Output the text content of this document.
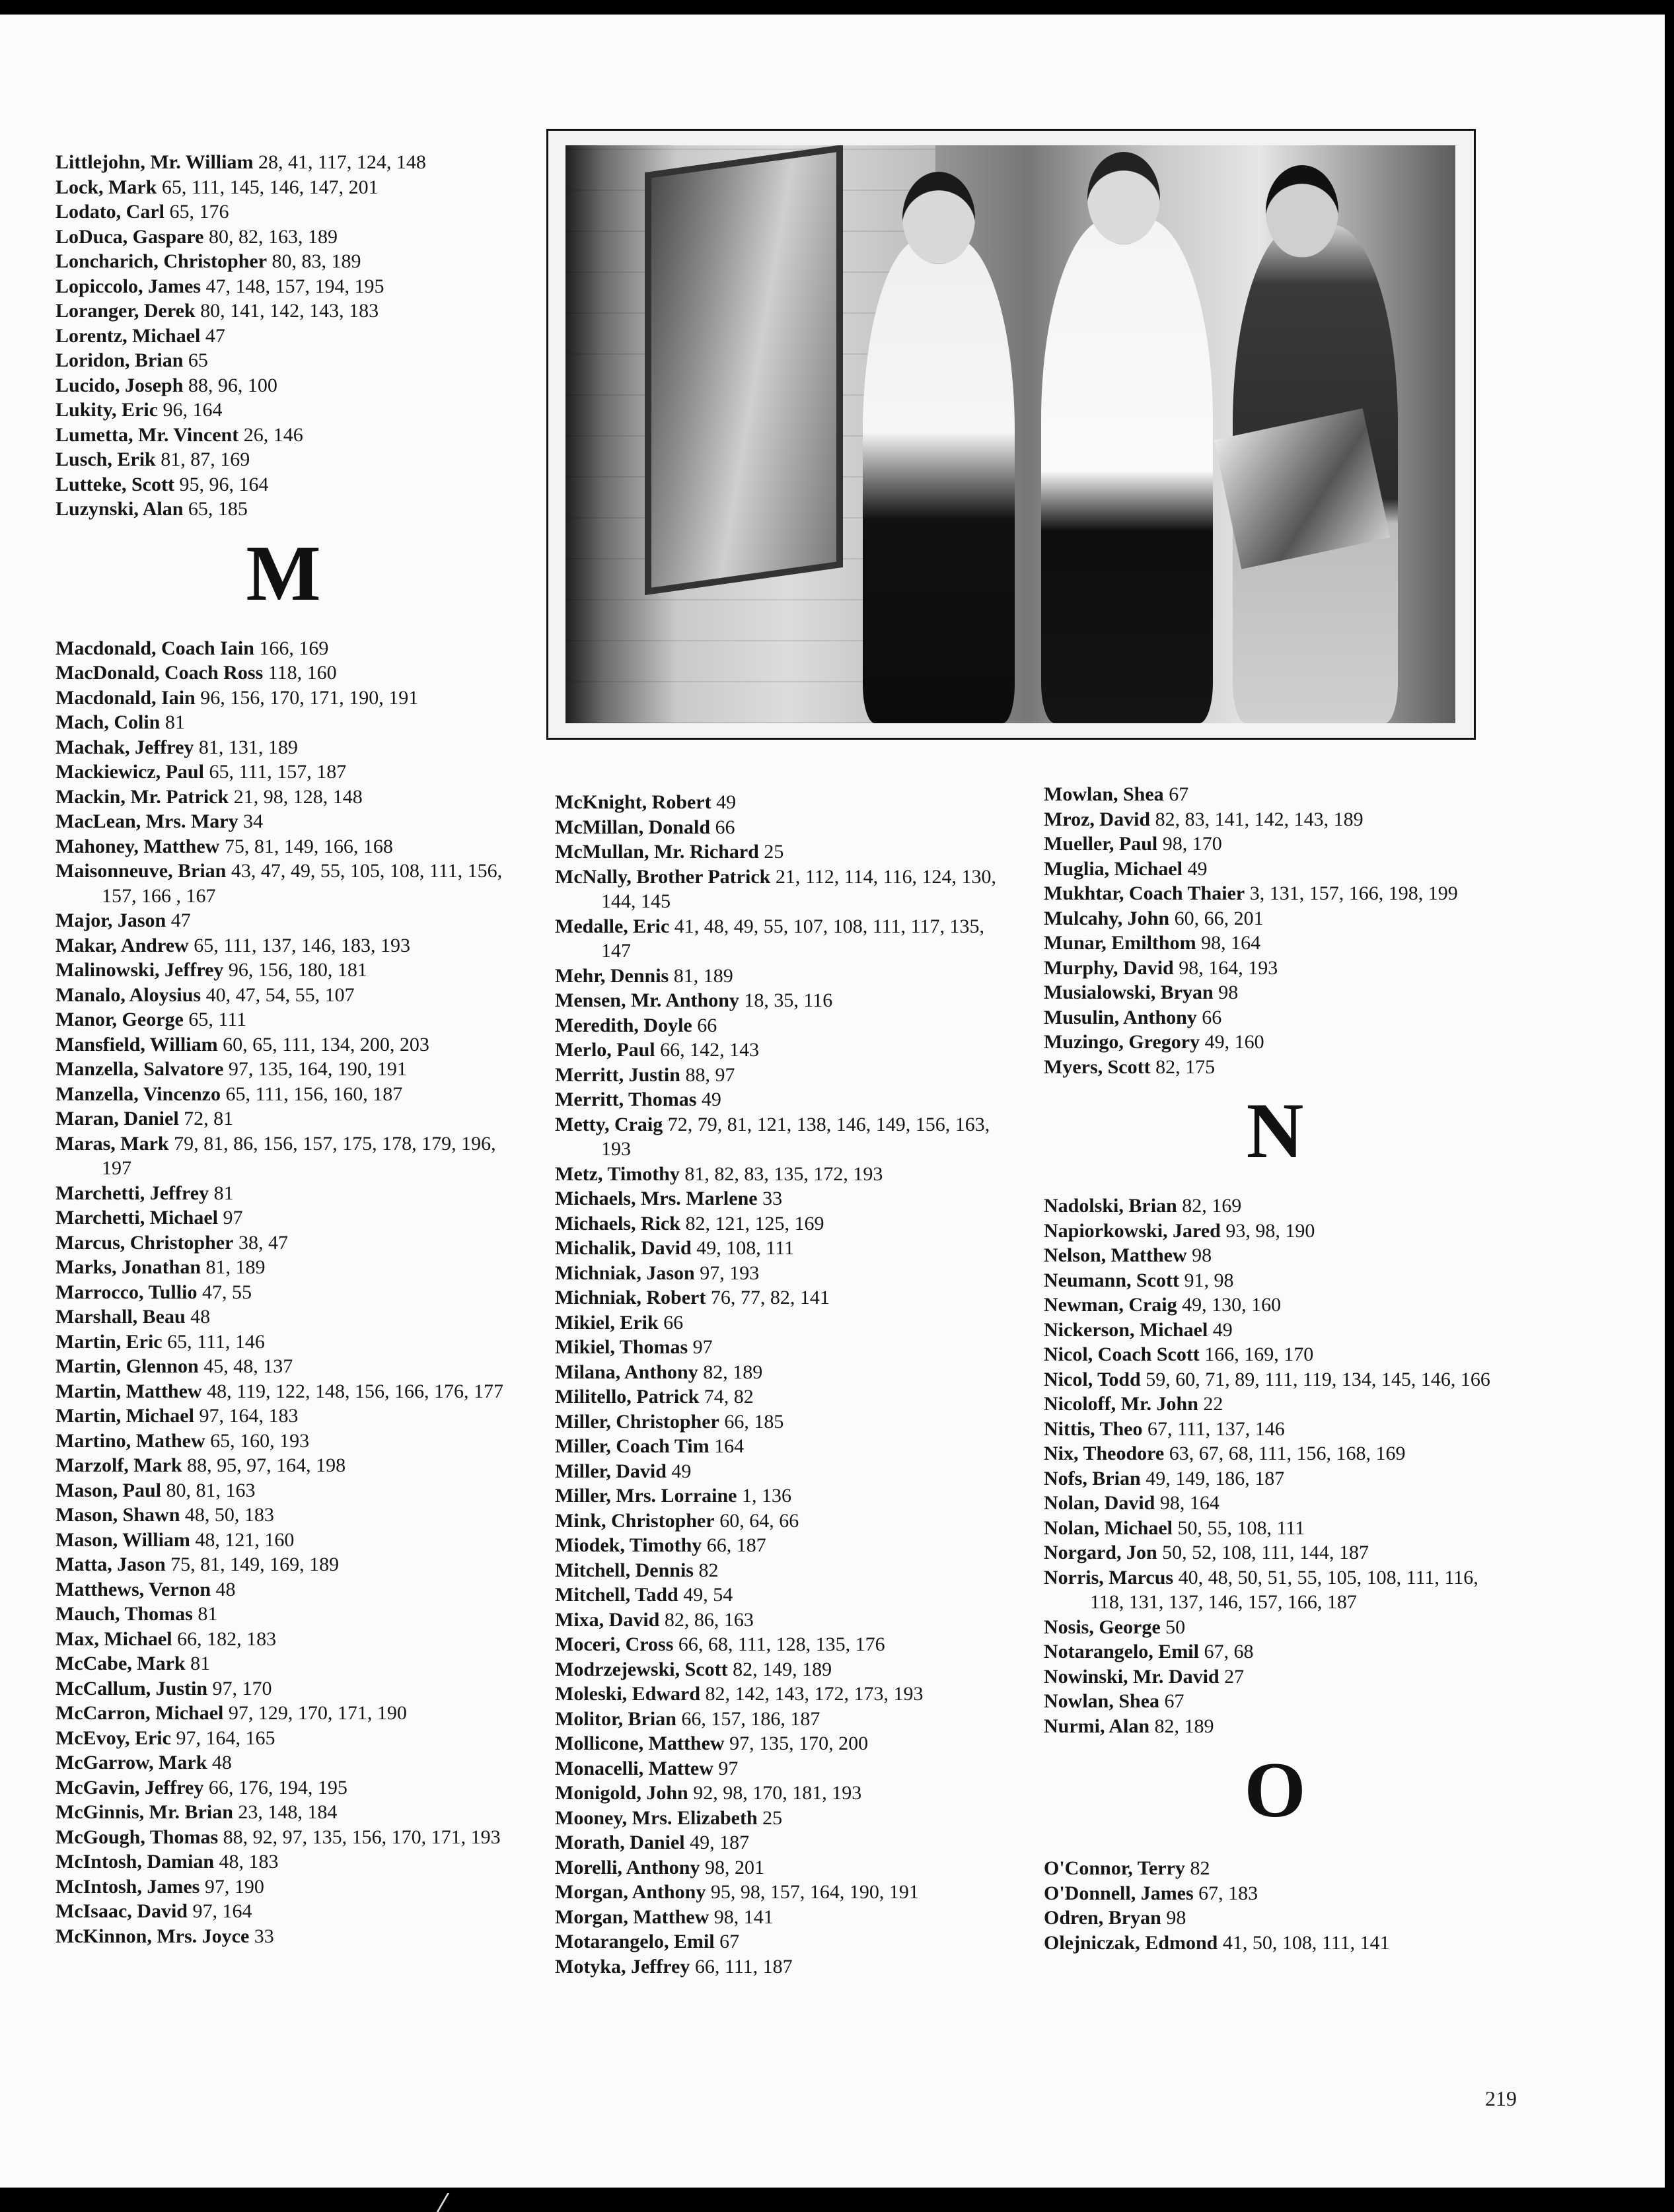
Littlejohn, Mr. William 28, 41, 117, 124, 148
Lock, Mark 65, 111, 145, 146, 147, 201
Lodato, Carl 65, 176
LoDuca, Gaspare 80, 82, 163, 189
Loncharich, Christopher 80, 83, 189
Lopiccolo, James 47, 148, 157, 194, 195
Loranger, Derek 80, 141, 142, 143, 183
Lorentz, Michael 47
Loridon, Brian 65
Lucido, Joseph 88, 96, 100
Lukity, Eric 96, 164
Lumetta, Mr. Vincent 26, 146
Lusch, Erik 81, 87, 169
Lutteke, Scott 95, 96, 164
Luzynski, Alan 65, 185
M
Macdonald, Coach Iain 166, 169
MacDonald, Coach Ross 118, 160
Macdonald, Iain 96, 156, 170, 171, 190, 191
Mach, Colin 81
Machak, Jeffrey 81, 131, 189
Mackiewicz, Paul 65, 111, 157, 187
Mackin, Mr. Patrick 21, 98, 128, 148
MacLean, Mrs. Mary 34
Mahoney, Matthew 75, 81, 149, 166, 168
Maisonneuve, Brian 43, 47, 49, 55, 105, 108, 111, 156, 157, 166 , 167
Major, Jason 47
Makar, Andrew 65, 111, 137, 146, 183, 193
Malinowski, Jeffrey 96, 156, 180, 181
Manalo, Aloysius 40, 47, 54, 55, 107
Manor, George 65, 111
Mansfield, William 60, 65, 111, 134, 200, 203
Manzella, Salvatore 97, 135, 164, 190, 191
Manzella, Vincenzo 65, 111, 156, 160, 187
Maran, Daniel 72, 81
Maras, Mark 79, 81, 86, 156, 157, 175, 178, 179, 196, 197
Marchetti, Jeffrey 81
Marchetti, Michael 97
Marcus, Christopher 38, 47
Marks, Jonathan 81, 189
Marrocco, Tullio 47, 55
Marshall, Beau 48
Martin, Eric 65, 111, 146
Martin, Glennon 45, 48, 137
Martin, Matthew 48, 119, 122, 148, 156, 166, 176, 177
Martin, Michael 97, 164, 183
Martino, Mathew 65, 160, 193
Marzolf, Mark 88, 95, 97, 164, 198
Mason, Paul 80, 81, 163
Mason, Shawn 48, 50, 183
Mason, William 48, 121, 160
Matta, Jason 75, 81, 149, 169, 189
Matthews, Vernon 48
Mauch, Thomas 81
Max, Michael 66, 182, 183
McCabe, Mark 81
McCallum, Justin 97, 170
McCarron, Michael 97, 129, 170, 171, 190
McEvoy, Eric 97, 164, 165
McGarrow, Mark 48
McGavin, Jeffrey 66, 176, 194, 195
McGinnis, Mr. Brian 23, 148, 184
McGough, Thomas 88, 92, 97, 135, 156, 170, 171, 193
McIntosh, Damian 48, 183
McIntosh, James 97, 190
McIsaac, David 97, 164
McKinnon, Mrs. Joyce 33
McKnight, Robert 49
McMillan, Donald 66
McMullan, Mr. Richard 25
McNally, Brother Patrick 21, 112, 114, 116, 124, 130, 144, 145
Medalle, Eric 41, 48, 49, 55, 107, 108, 111, 117, 135, 147
Mehr, Dennis 81, 189
Mensen, Mr. Anthony 18, 35, 116
Meredith, Doyle 66
Merlo, Paul 66, 142, 143
Merritt, Justin 88, 97
Merritt, Thomas 49
Metty, Craig 72, 79, 81, 121, 138, 146, 149, 156, 163, 193
Metz, Timothy 81, 82, 83, 135, 172, 193
Michaels, Mrs. Marlene 33
Michaels, Rick 82, 121, 125, 169
Michalik, David 49, 108, 111
Michniak, Jason 97, 193
Michniak, Robert 76, 77, 82, 141
Mikiel, Erik 66
Mikiel, Thomas 97
Milana, Anthony 82, 189
Militello, Patrick 74, 82
Miller, Christopher 66, 185
Miller, Coach Tim 164
Miller, David 49
Miller, Mrs. Lorraine 1, 136
Mink, Christopher 60, 64, 66
Miodek, Timothy 66, 187
Mitchell, Dennis 82
Mitchell, Tadd 49, 54
Mixa, David 82, 86, 163
Moceri, Cross 66, 68, 111, 128, 135, 176
Modrzejewski, Scott 82, 149, 189
Moleski, Edward 82, 142, 143, 172, 173, 193
Molitor, Brian 66, 157, 186, 187
Mollicone, Matthew 97, 135, 170, 200
Monacelli, Mattew 97
Monigold, John 92, 98, 170, 181, 193
Mooney, Mrs. Elizabeth 25
Morath, Daniel 49, 187
Morelli, Anthony 98, 201
Morgan, Anthony 95, 98, 157, 164, 190, 191
Morgan, Matthew 98, 141
Motarangelo, Emil 67
Motyka, Jeffrey 66, 111, 187
Mowlan, Shea 67
Mroz, David 82, 83, 141, 142, 143, 189
Mueller, Paul 98, 170
Muglia, Michael 49
Mukhtar, Coach Thaier 3, 131, 157, 166, 198, 199
Mulcahy, John 60, 66, 201
Munar, Emilthom 98, 164
Murphy, David 98, 164, 193
Musialowski, Bryan 98
Musulin, Anthony 66
Muzingo, Gregory 49, 160
Myers, Scott 82, 175
N
Nadolski, Brian 82, 169
Napiorkowski, Jared 93, 98, 190
Nelson, Matthew 98
Neumann, Scott 91, 98
Newman, Craig 49, 130, 160
Nickerson, Michael 49
Nicol, Coach Scott 166, 169, 170
Nicol, Todd 59, 60, 71, 89, 111, 119, 134, 145, 146, 166
Nicoloff, Mr. John 22
Nittis, Theo 67, 111, 137, 146
Nix, Theodore 63, 67, 68, 111, 156, 168, 169
Nofs, Brian 49, 149, 186, 187
Nolan, David 98, 164
Nolan, Michael 50, 55, 108, 111
Norgard, Jon 50, 52, 108, 111, 144, 187
Norris, Marcus 40, 48, 50, 51, 55, 105, 108, 111, 116, 118, 131, 137, 146, 157, 166, 187
Nosis, George 50
Notarangelo, Emil 67, 68
Nowinski, Mr. David 27
Nowlan, Shea 67
Nurmi, Alan 82, 189
O
O'Connor, Terry 82
O'Donnell, James 67, 183
Odren, Bryan 98
Olejniczak, Edmond 41, 50, 108, 111, 141
219
